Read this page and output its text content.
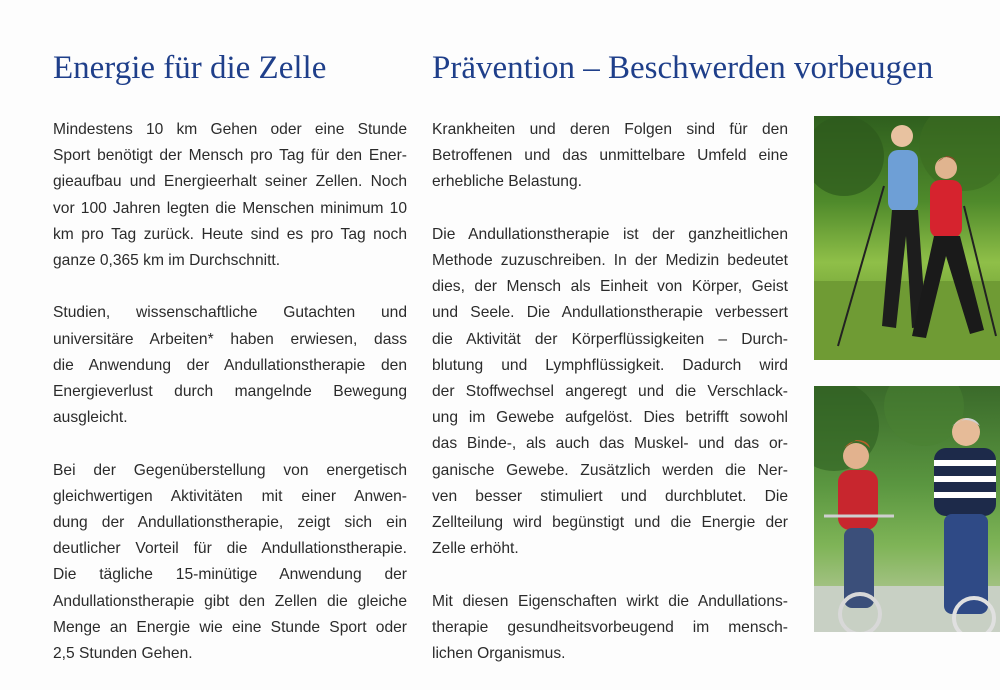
Energie für die Zelle	Prävention – Beschwerden vorbeugen

Mindestens 10 km Gehen oder eine Stunde
Sport benötigt der Mensch pro Tag für den Ener-
gieaufbau und Energieerhalt seiner Zellen. Noch
vor 100 Jahren legten die Menschen minimum 10
km pro Tag zurück. Heute sind es pro Tag noch
ganze 0,365 km im Durchschnitt.

Studien, wissenschaftliche Gutachten und
universitäre Arbeiten* haben erwiesen, dass
die Anwendung der Andullationstherapie den
Energieverlust durch mangelnde Bewegung
ausgleicht.

Bei der Gegenüberstellung von energetisch
gleichwertigen Aktivitäten mit einer Anwen-
dung der Andullationstherapie, zeigt sich ein
deutlicher Vorteil für die Andullationstherapie.
Die tägliche 15-minütige Anwendung der
Andullationstherapie gibt den Zellen die gleiche
Menge an Energie wie eine Stunde Sport oder
2,5 Stunden Gehen.

Krankheiten und deren Folgen sind für den
Betroffenen und das unmittelbare Umfeld eine
erhebliche Belastung.

Die Andullationstherapie ist der ganzheitlichen
Methode zuzuschreiben. In der Medizin bedeutet
dies, der Mensch als Einheit von Körper, Geist
und Seele. Die Andullationstherapie verbessert
die Aktivität der Körperflüssigkeiten – Durch-
blutung und Lymphflüssigkeit. Dadurch wird
der Stoffwechsel angeregt und die Verschlack-
ung im Gewebe aufgelöst. Dies betrifft sowohl
das Binde-, als auch das Muskel- und das or-
ganische Gewebe. Zusätzlich werden die Ner-
ven besser stimuliert und durchblutet. Die
Zellteilung wird begünstigt und die Energie der
Zelle erhöht.

Mit diesen Eigenschaften wirkt die Andullations-
therapie gesundheitsvorbeugend im mensch-
lichen Organismus.
